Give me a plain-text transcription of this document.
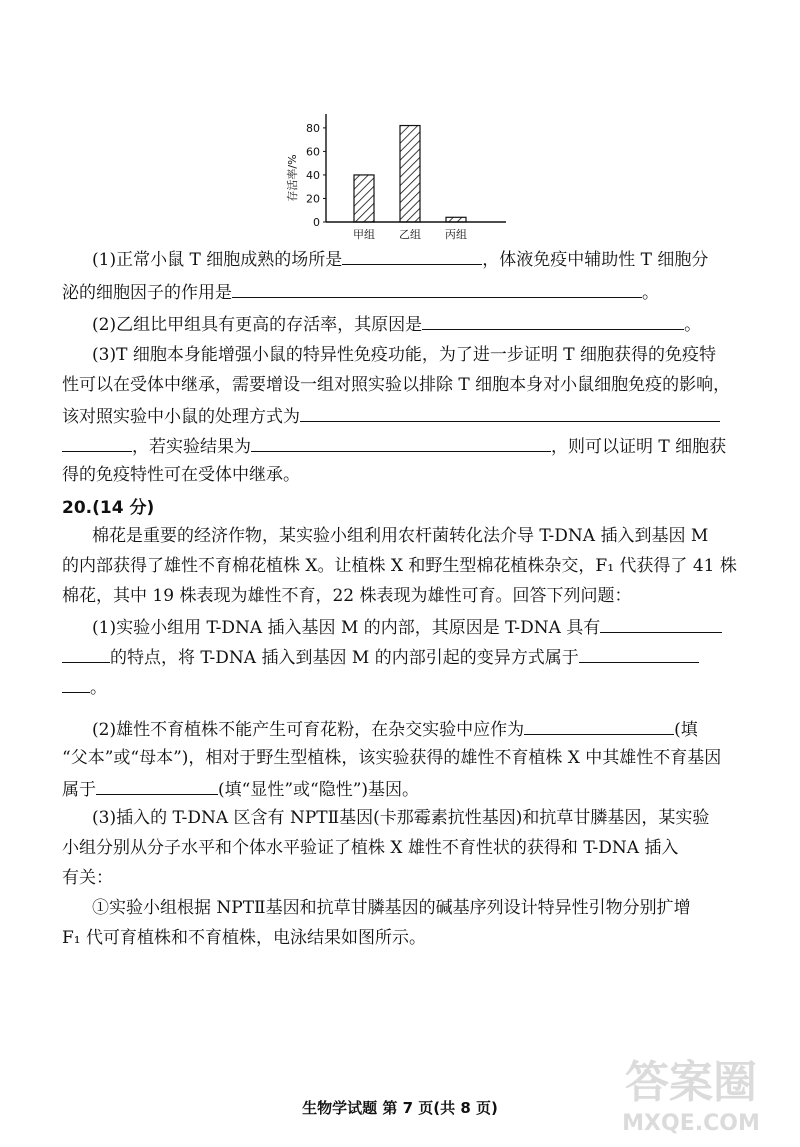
0
20
40
60
80
存活率/%
甲组 乙组 丙组
(1)正常小鼠 T 细胞成熟的场所是	，体液免疫中辅助性 T 细胞分
泌的细胞因子的作用是	。
(2)乙组比甲组具有更高的存活率，其原因是	。
(3)T 细胞本身能增强小鼠的特异性免疫功能，为了进一步证明 T 细胞获得的免疫特
性可以在受体中继承，需要增设一组对照实验以排除 T 细胞本身对小鼠细胞免疫的影响，
该对照实验中小鼠的处理方式为
，若实验结果为	，则可以证明 T 细胞获
得的免疫特性可在受体中继承。
20.(14 分)
棉花是重要的经济作物，某实验小组利用农杆菌转化法介导 T-DNA 插入到基因 M
的内部获得了雄性不育棉花植株 X。让植株 X 和野生型棉花植株杂交，F₁ 代获得了 41 株
棉花，其中 19 株表现为雄性不育，22 株表现为雄性可育。回答下列问题：
(1)实验小组用 T-DNA 插入基因 M 的内部，其原因是 T-DNA 具有
的特点，将 T-DNA 插入到基因 M 的内部引起的变异方式属于
。
(2)雄性不育植株不能产生可育花粉，在杂交实验中应作为	(填
“父本”或“母本”)，相对于野生型植株，该实验获得的雄性不育植株 X 中其雄性不育基因
属于	(填“显性”或“隐性”)基因。
(3)插入的 T-DNA 区含有 NPTⅡ基因(卡那霉素抗性基因)和抗草甘膦基因，某实验
小组分别从分子水平和个体水平验证了植株 X 雄性不育性状的获得和 T-DNA 插入
有关：
①实验小组根据 NPTⅡ基因和抗草甘膦基因的碱基序列设计特异性引物分别扩增
F₁ 代可育植株和不育植株，电泳结果如图所示。
生物学试题 第 7 页(共 8 页)	答案圈
MXQE.COM
